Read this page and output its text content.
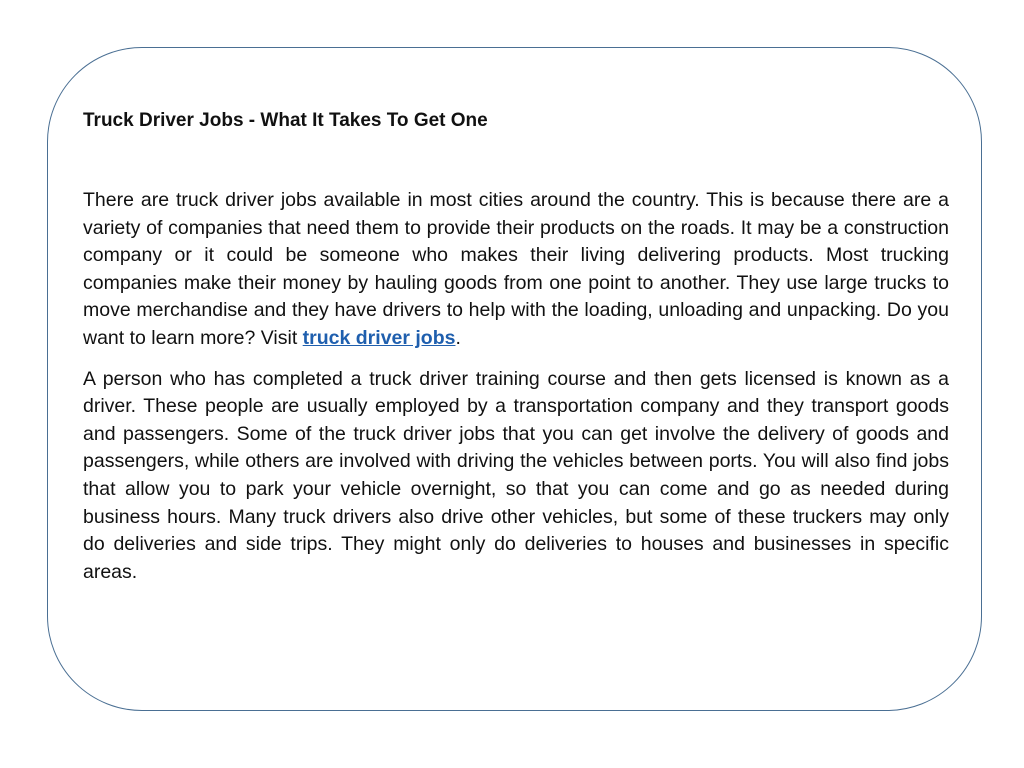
Truck Driver Jobs - What It Takes To Get One

There are truck driver jobs available in most cities around the country. This is because there are a variety of companies that need them to provide their products on the roads. It may be a construction company or it could be someone who makes their living delivering products. Most trucking companies make their money by hauling goods from one point to another. They use large trucks to move merchandise and they have drivers to help with the loading, unloading and unpacking. Do you want to learn more? Visit truck driver jobs.

A person who has completed a truck driver training course and then gets licensed is known as a driver. These people are usually employed by a transportation company and they transport goods and passengers. Some of the truck driver jobs that you can get involve the delivery of goods and passengers, while others are involved with driving the vehicles between ports. You will also find jobs that allow you to park your vehicle overnight, so that you can come and go as needed during business hours. Many truck drivers also drive other vehicles, but some of these truckers may only do deliveries and side trips. They might only do deliveries to houses and businesses in specific areas.
